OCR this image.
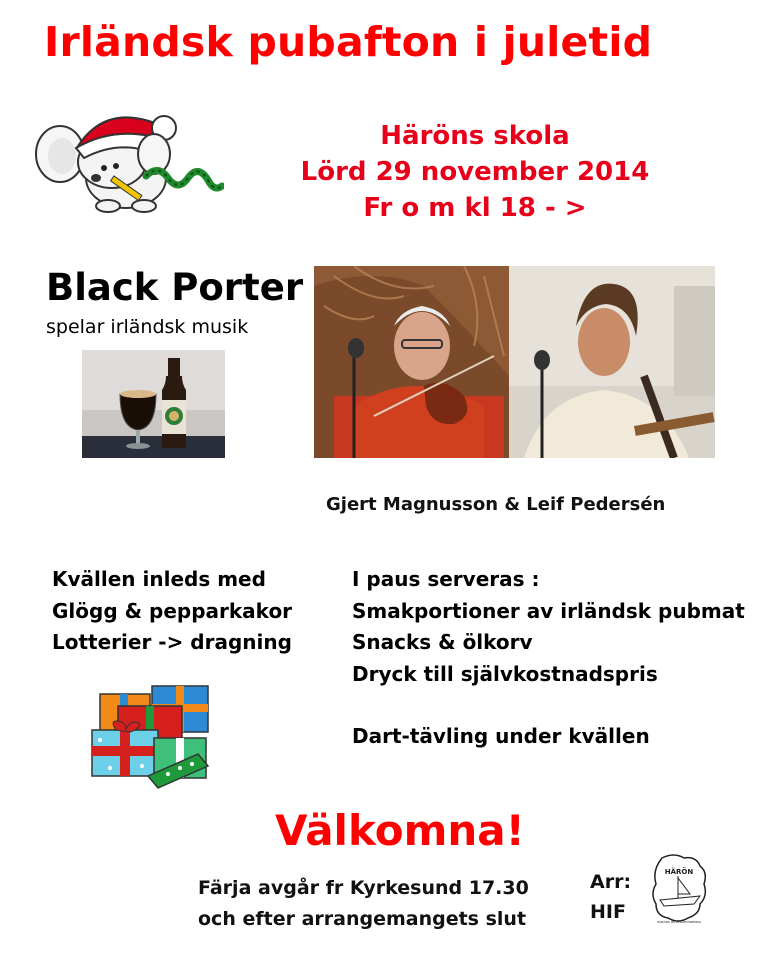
Irländsk pubafton i juletid
Häröns skola
Lörd 29 november 2014
Fr o m kl 18 - >
Black Porter
spelar irländsk musik
Gjert Magnusson & Leif Pedersén
Kvällen inleds med
Glögg & pepparkakor
Lotterier -> dragning
I paus serveras :
Smakportioner av irländsk pubmat
Snacks & ölkorv
Dryck till självkostnadspris
Dart-tävling under kvällen
Välkomna!
Färja avgår fr Kyrkesund 17.30
och efter arrangemangets slut
Arr:
HIF
HÄRÖN
HÄRÖNS INTRESSEFÖRENING
